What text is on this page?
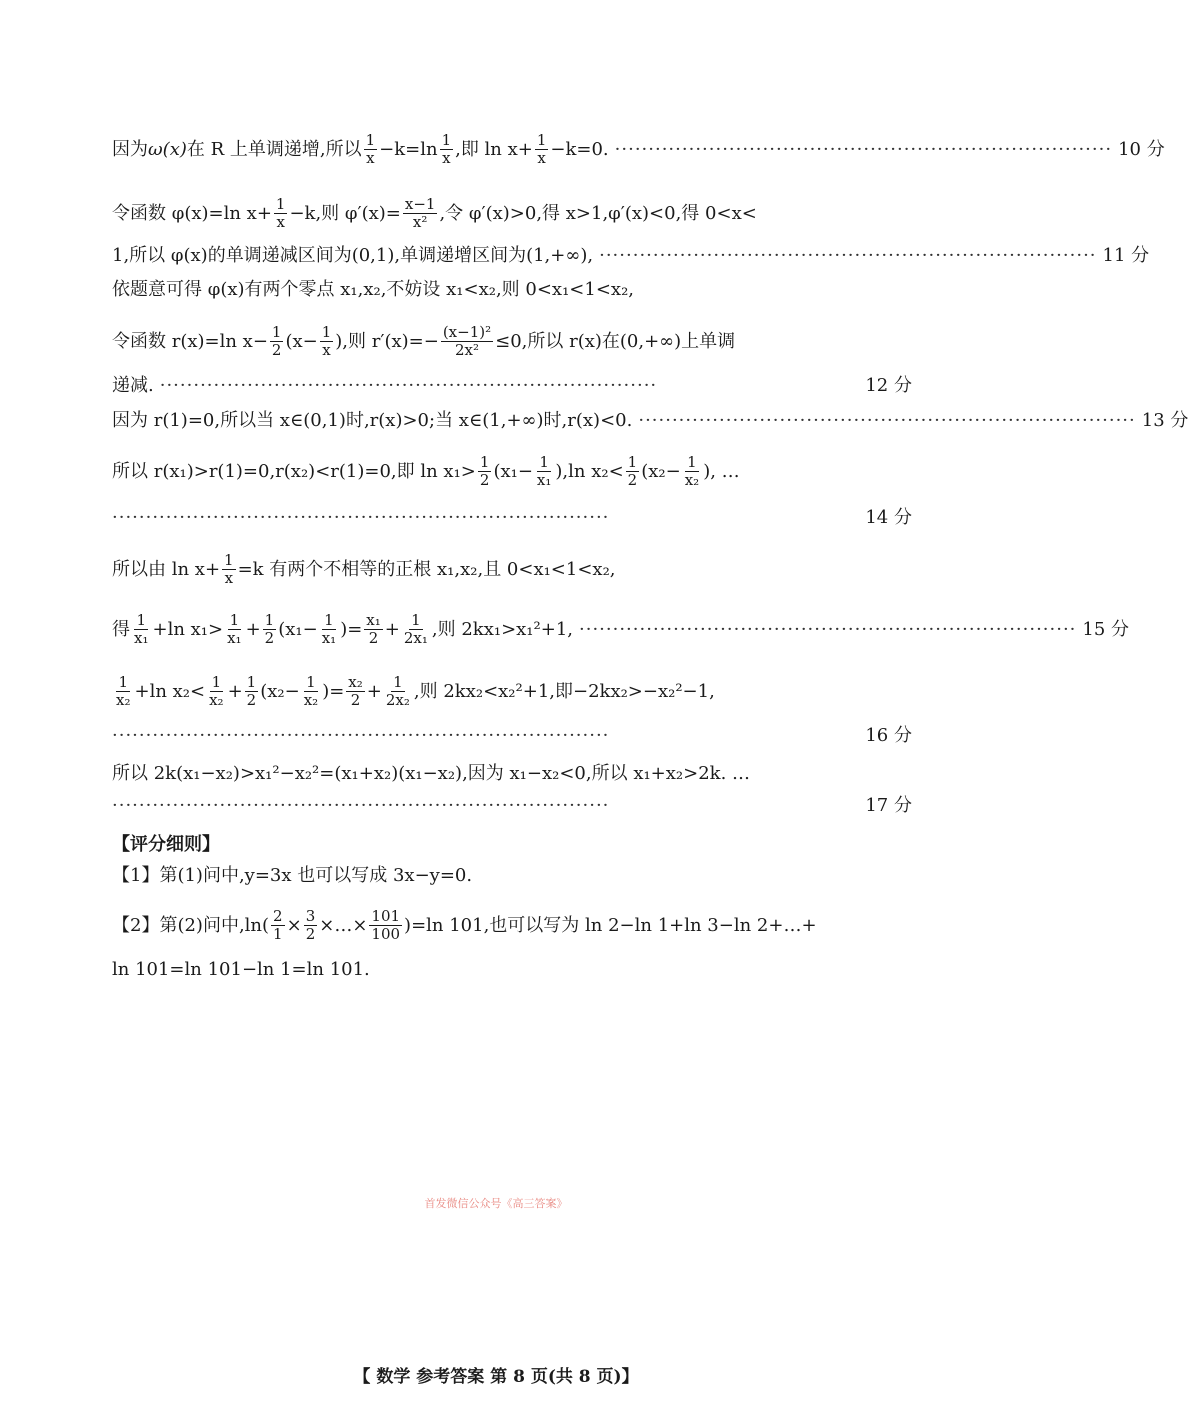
因为 ω(x) 在 R 上单调递增,所以 $\frac{1}{x} -k=\ln \frac{1}{x}$ ,即 $\ln x+ \frac{1}{x} -k=0$. ·········································································· 10 分
令函数 φ(x)=ln $x+ \frac{1}{x} -k$,则 $\varphi'(x)= \frac{x-1}{\text{x²}}$ ,令 φ′(x)>0,得 x>1,φ′(x)<0,得 0<x<
1,所以 φ(x)的单调递减区间为(0,1),单调递增区间为(1,+∞), ·········································································· 11 分
依题意可得 φ(x)有两个零点 x₁,x₂,不妨设 x₁<x₂,则 0<x₁<1<x₂,
令函数 r(x)=ln $x- \frac{1}{2} (x- \frac{1}{x}$ ),则 $r'(x)=- \frac{\text{(x−1)²}}{\text{2x²}} \le 0$,所以 r(x)在(0,+∞)上单调
递减. ··········································································	12 分
因为 r(1)=0,所以当 x∈(0,1)时,r(x)>0;当 x∈(1,+∞)时,r(x)<0. ·········································································· 13 分
所以 r(x₁)>r(1)=0,r(x₂)<r(1)=0,即 $\ln x_1> \frac{1}{2} (x_1- \frac{1}{\text{x₁}} ),\ln$ $x_2< \frac{1}{2} (x_2- \frac{1}{\text{x₂}}$ ), …
··········································································	14 分
所以由 $\ln x+ \frac{1}{x} =k$ 有两个不相等的正根 x₁,x₂,且 0<x₁<1<x₂,
得 $\frac{1}{\text{x₁}} +\ln$ $x_1> \frac{1}{\text{x₁}} + \frac{1}{2} (x_1- \frac{1}{\text{x₁}}$ )= $\frac{\text{x₁}}{2} + \frac{1}{\text{2x₁}}$ ,则 2kx₁>x₁²+1, ·········································································· 15 分
$\frac{1}{\text{x₂}} +\ln$ $x_2< \frac{1}{\text{x₂}} + \frac{1}{2} (x_2- \frac{1}{\text{x₂}}$ )= $\frac{\text{x₂}}{2} + \frac{1}{\text{2x₂}}$ ,则 2kx₂<x₂²+1,即−2kx₂>−x₂²−1,
··········································································	16 分
所以 2k(x₁−x₂)>x₁²−x₂²=(x₁+x₂)(x₁−x₂),因为 x₁−x₂<0,所以 x₁+x₂>2k. …
··········································································	17 分
【评分细则】
【1】第(1)问中,y=3x 也可以写成 3x−y=0.
【2】第(2)问中$,\ln( \frac{2}{1} \times \frac{3}{2}$ ×…× $\frac{101}{100} )=\ln$ 101,也可以写为 ln 2−ln 1+ln 3−ln 2+…+
ln 101=ln 101−ln 1=ln 101.
首发微信公众号《高三答案》
【 数学 参考答案 第 8 页(共 8 页)】
